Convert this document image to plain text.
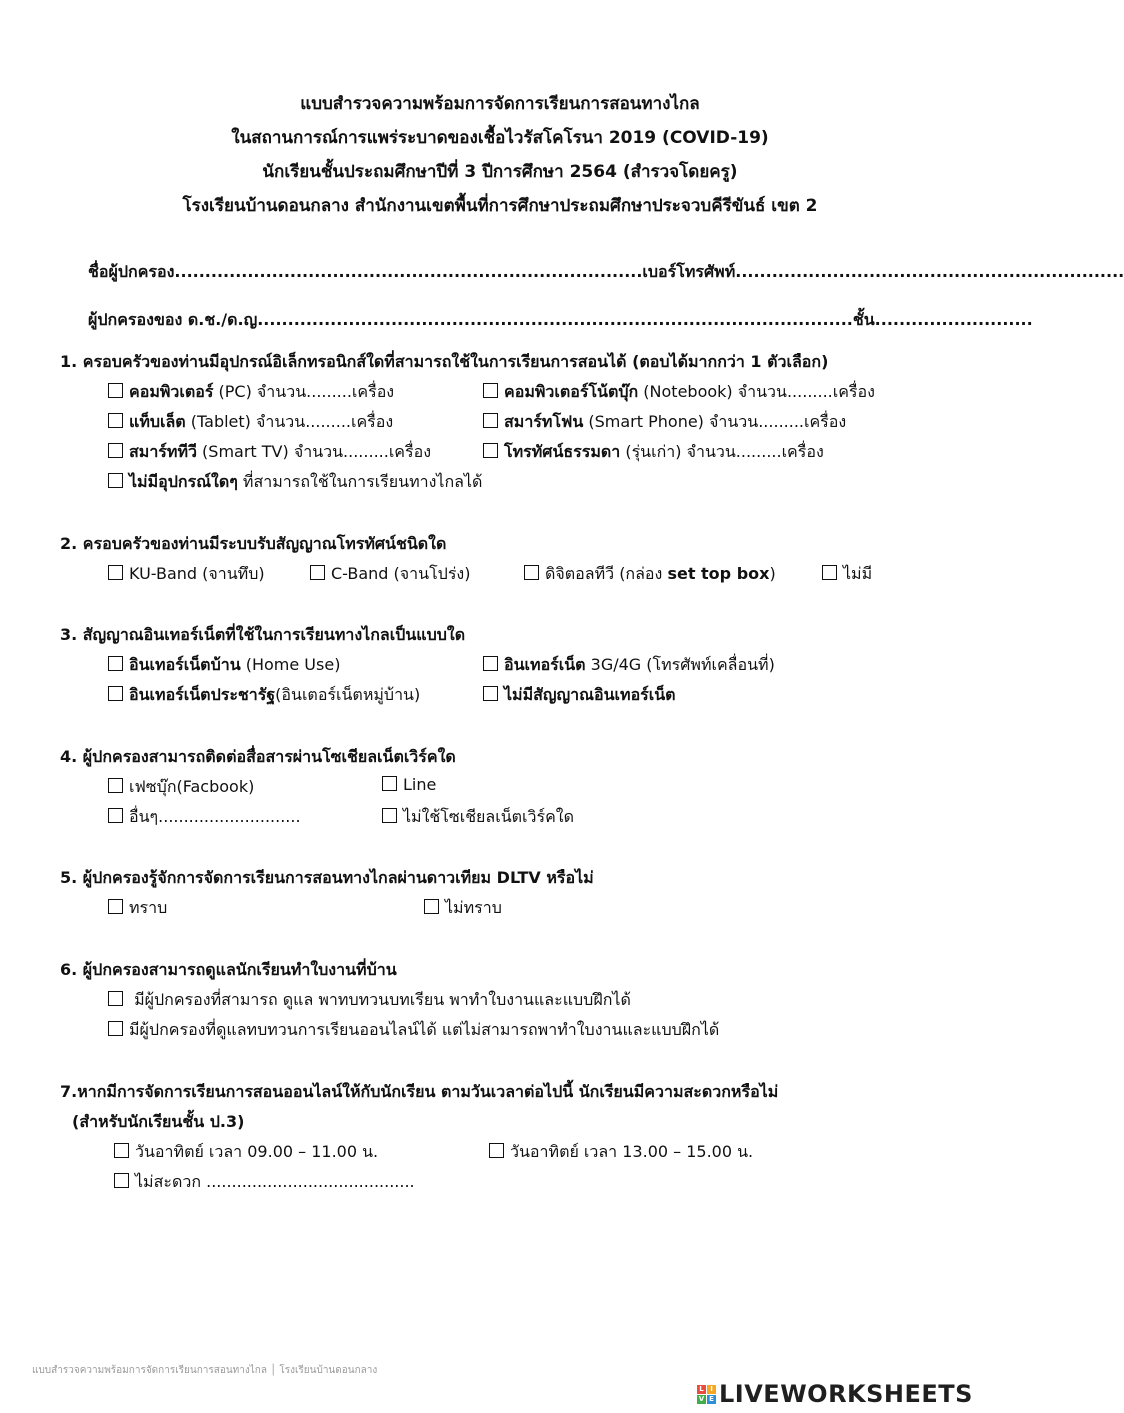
แบบสำรวจความพร้อมการจัดการเรียนการสอนทางไกล
ในสถานการณ์การแพร่ระบาดของเชื้อไวรัสโคโรนา 2019 (COVID-19)
นักเรียนชั้นประถมศึกษาปีที่ 3 ปีการศึกษา 2564 (สำรวจโดยครู)
โรงเรียนบ้านดอนกลาง สำนักงานเขตพื้นที่การศึกษาประถมศึกษาประจวบคีรีขันธ์ เขต 2
ชื่อผู้ปกครอง.............................................................................เบอร์โทรศัพท์................................................................
ผู้ปกครองของ ด.ช./ด.ญ..................................................................................................ชั้น..........................
1. ครอบครัวของท่านมีอุปกรณ์อิเล็กทรอนิกส์ใดที่สามารถใช้ในการเรียนการสอนได้ (ตอบได้มากกว่า 1 ตัวเลือก)
คอมพิวเตอร์ (PC) จำนวน.........เครื่อง	คอมพิวเตอร์โน้ตบุ๊ก (Notebook) จำนวน.........เครื่อง
แท็บเล็ต (Tablet) จำนวน.........เครื่อง	สมาร์ทโฟน (Smart Phone) จำนวน.........เครื่อง
สมาร์ททีวี (Smart TV) จำนวน.........เครื่อง	โทรทัศน์ธรรมดา (รุ่นเก่า) จำนวน.........เครื่อง
ไม่มีอุปกรณ์ใดๆ ที่สามารถใช้ในการเรียนทางไกลได้
2. ครอบครัวของท่านมีระบบรับสัญญาณโทรทัศน์ชนิดใด
KU-Band (จานทึบ)	C-Band (จานโปร่ง)	ดิจิตอลทีวี (กล่อง set top box)	ไม่มี
3. สัญญาณอินเทอร์เน็ตที่ใช้ในการเรียนทางไกลเป็นแบบใด
อินเทอร์เน็ตบ้าน (Home Use)	อินเทอร์เน็ต 3G/4G (โทรศัพท์เคลื่อนที่)
อินเทอร์เน็ตประชารัฐ(อินเตอร์เน็ตหมู่บ้าน)	ไม่มีสัญญาณอินเทอร์เน็ต
4. ผู้ปกครองสามารถติดต่อสื่อสารผ่านโซเชียลเน็ตเวิร์คใด
เฟซบุ๊ก(Facbook)	Line
อื่นๆ............................	ไม่ใช้โซเชียลเน็ตเวิร์คใด
5. ผู้ปกครองรู้จักการจัดการเรียนการสอนทางไกลผ่านดาวเทียม DLTV หรือไม่
ทราบ	ไม่ทราบ
6. ผู้ปกครองสามารถดูแลนักเรียนทำใบงานที่บ้าน
มีผู้ปกครองที่สามารถ ดูแล พาทบทวนบทเรียน พาทำใบงานและแบบฝึกได้
มีผู้ปกครองที่ดูแลทบทวนการเรียนออนไลน์ได้ แต่ไม่สามารถพาทำใบงานและแบบฝึกได้
7.หากมีการจัดการเรียนการสอนออนไลน์ให้กับนักเรียน ตามวันเวลาต่อไปนี้ นักเรียนมีความสะดวกหรือไม่
(สำหรับนักเรียนชั้น ป.3)
วันอาทิตย์ เวลา 09.00 – 11.00 น.	วันอาทิตย์ เวลา 13.00 – 15.00 น.
ไม่สะดวก .........................................
แบบสำรวจความพร้อมการจัดการเรียนการสอนทางไกล │ โรงเรียนบ้านดอนกลาง
L I
V E LIVEWORKSHEETS
